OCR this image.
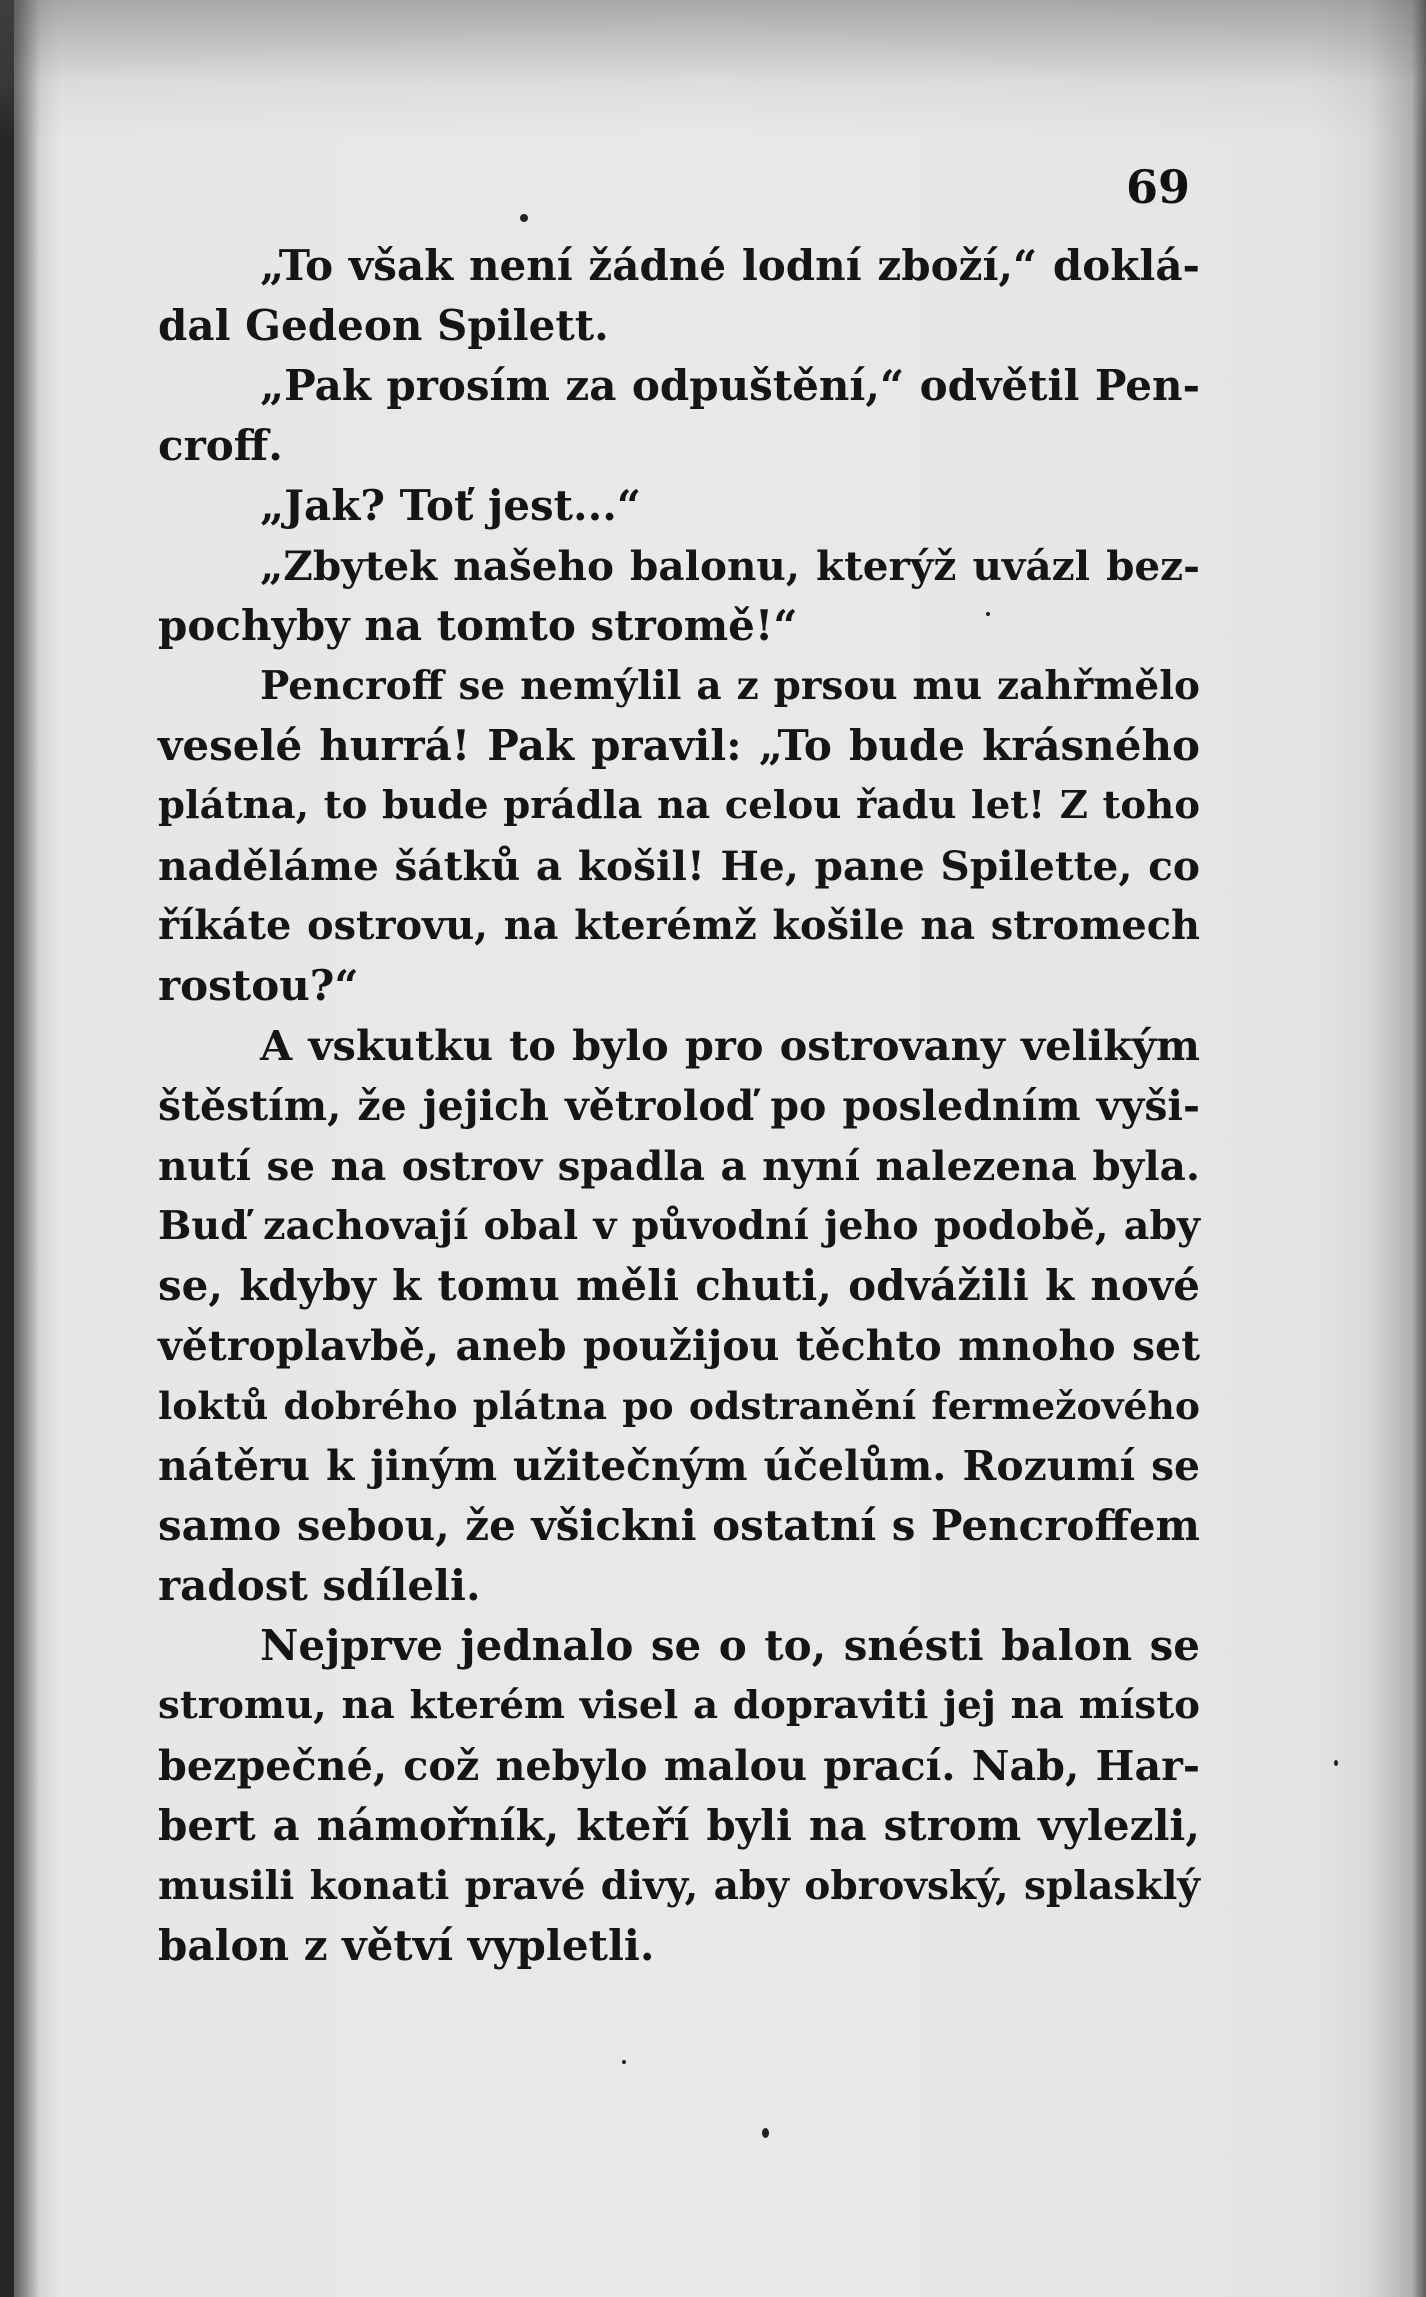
69
„To však není žádné lodní zboží,“ doklá-
dal Gedeon Spilett.
„Pak prosím za odpuštění,“ odvětil Pen-
croff.
„Jak? Toť jest...“
„Zbytek našeho balonu, kterýž uvázl bez-
pochyby na tomto stromě!“
Pencroff se nemýlil a z prsou mu zahřmělo
veselé hurrá! Pak pravil: „To bude krásného
plátna, to bude prádla na celou řadu let! Z toho
naděláme šátků a košil! He, pane Spilette, co
říkáte ostrovu, na kterémž košile na stromech
rostou?“
A vskutku to bylo pro ostrovany velikým
štěstím, že jejich větroloď po posledním vyši-
nutí se na ostrov spadla a nyní nalezena byla.
Buď zachovají obal v původní jeho podobě, aby
se, kdyby k tomu měli chuti, odvážili k nové
větroplavbě, aneb použijou těchto mnoho set
loktů dobrého plátna po odstranění fermežového
nátěru k jiným užitečným účelům. Rozumí se
samo sebou, že všickni ostatní s Pencroffem
radost sdíleli.
Nejprve jednalo se o to, snésti balon se
stromu, na kterém visel a dopraviti jej na místo
bezpečné, což nebylo malou prací. Nab, Har-
bert a námořník, kteří byli na strom vylezli,
musili konati pravé divy, aby obrovský, splasklý
balon z větví vypletli.
